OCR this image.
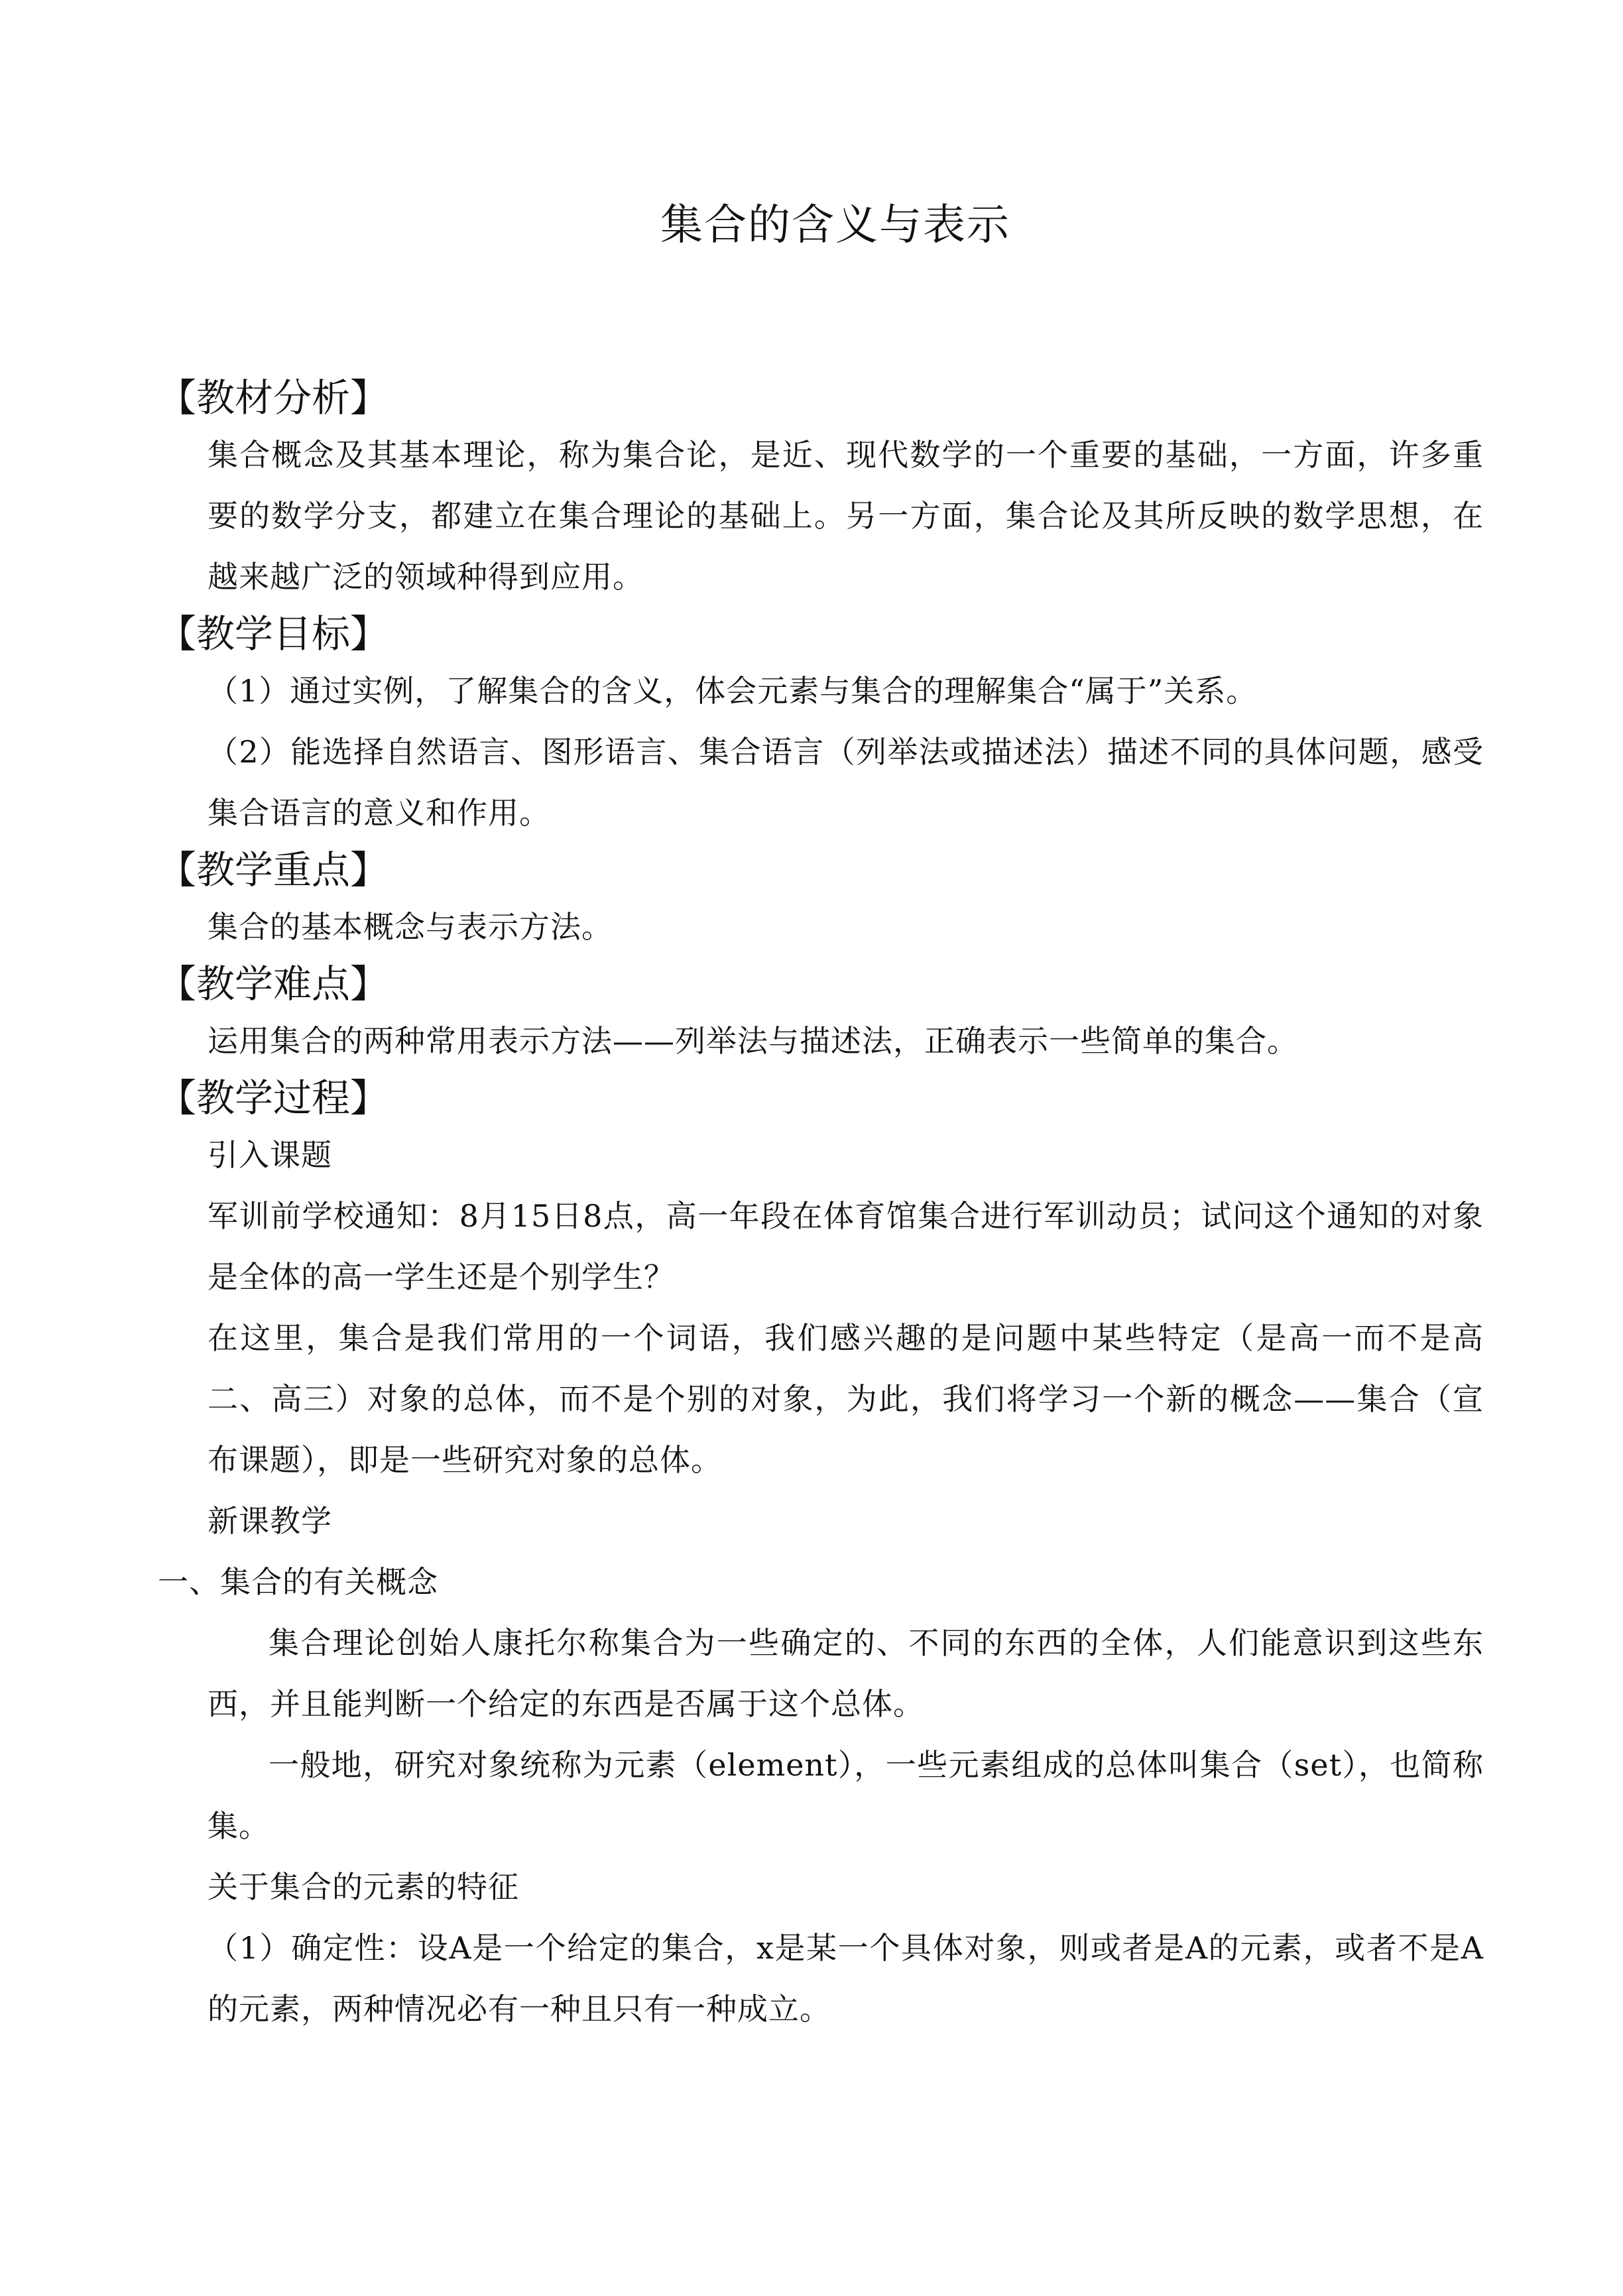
集合的含义与表示
【教材分析】

集合概念及其基本理论，称为集合论，是近、现代数学的一个重要的基础，一方面，许多重要的数学分支，都建立在集合理论的基础上。另一方面，集合论及其所反映的数学思想，在越来越广泛的领域种得到应用。

【教学目标】

（1）通过实例，了解集合的含义，体会元素与集合的理解集合“属于”关系。

（2）能选择自然语言、图形语言、集合语言（列举法或描述法）描述不同的具体问题，感受集合语言的意义和作用。

【教学重点】

集合的基本概念与表示方法。

【教学难点】

运用集合的两种常用表示方法——列举法与描述法，正确表示一些简单的集合。

【教学过程】

引入课题

军训前学校通知：8月15日8点，高一年段在体育馆集合进行军训动员；试问这个通知的对象是全体的高一学生还是个别学生？

在这里，集合是我们常用的一个词语，我们感兴趣的是问题中某些特定（是高一而不是高二、高三）对象的总体，而不是个别的对象，为此，我们将学习一个新的概念——集合（宣布课题），即是一些研究对象的总体。

新课教学

一、集合的有关概念

集合理论创始人康托尔称集合为一些确定的、不同的东西的全体，人们能意识到这些东西，并且能判断一个给定的东西是否属于这个总体。

一般地，研究对象统称为元素（element），一些元素组成的总体叫集合（set），也简称集。

关于集合的元素的特征

（1）确定性：设A是一个给定的集合，x是某一个具体对象，则或者是A的元素，或者不是A的元素，两种情况必有一种且只有一种成立。
